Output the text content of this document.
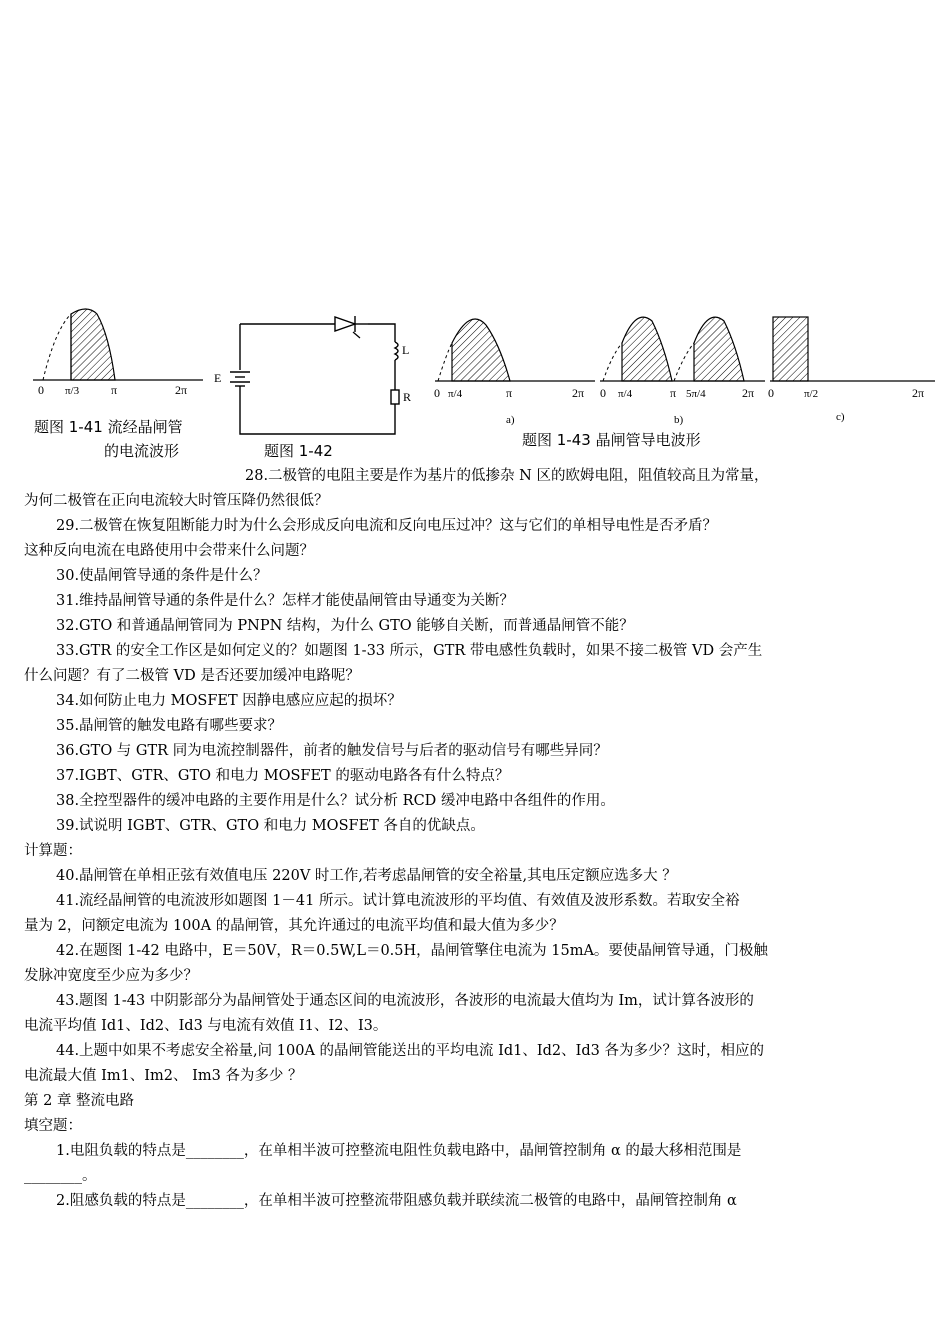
0 π/3	π	2π
题图 1-41 流经晶闸管
的电流波形
E
L
R
题图 1-42
0 π/4	π	2π
a)
0 π/4	π 5π/4	2π
b)
0	π/2	2π
c)
题图 1-43 晶闸管导电波形
28.二极管的电阻主要是作为基片的低掺杂 N 区的欧姆电阻，阻值较高且为常量，
为何二极管在正向电流较大时管压降仍然很低？
29.二极管在恢复阻断能力时为什么会形成反向电流和反向电压过冲？这与它们的单相导电性是否矛盾？
这种反向电流在电路使用中会带来什么问题？
30.使晶闸管导通的条件是什么？
31.维持晶闸管导通的条件是什么？怎样才能使晶闸管由导通变为关断？
32.GTO 和普通晶闸管同为 PNPN 结构，为什么 GTO 能够自关断，而普通晶闸管不能？
33.GTR 的安全工作区是如何定义的？如题图 1-33 所示，GTR 带电感性负载时，如果不接二极管 VD 会产生
什么问题？有了二极管 VD 是否还要加缓冲电路呢？
34.如何防止电力 MOSFET 因静电感应应起的损坏？
35.晶闸管的触发电路有哪些要求？
36.GTO 与 GTR 同为电流控制器件，前者的触发信号与后者的驱动信号有哪些异同？
37.IGBT、GTR、GTO 和电力 MOSFET 的驱动电路各有什么特点？
38.全控型器件的缓冲电路的主要作用是什么？试分析 RCD 缓冲电路中各组件的作用。
39.试说明 IGBT、GTR、GTO 和电力 MOSFET 各自的优缺点。
计算题：
40.晶闸管在单相正弦有效值电压 220V 时工作,若考虑晶闸管的安全裕量,其电压定额应选多大 ？
41.流经晶闸管的电流波形如题图 1－41 所示。试计算电流波形的平均值、有效值及波形系数。若取安全裕
量为 2，问额定电流为 100A 的晶闸管，其允许通过的电流平均值和最大值为多少？
42.在题图 1-42 电路中，E＝50V，R＝0.5W,L＝0.5H，晶闸管擎住电流为 15mA。要使晶闸管导通，门极触
发脉冲宽度至少应为多少？
43.题图 1-43 中阴影部分为晶闸管处于通态区间的电流波形，各波形的电流最大值均为 Im，试计算各波形的
电流平均值 Id1、Id2、Id3 与电流有效值 I1、I2、I3。
44.上题中如果不考虑安全裕量,问 100A 的晶闸管能送出的平均电流 Id1、Id2、Id3 各为多少？这时，相应的
电流最大值 Im1、Im2、 Im3 各为多少 ？
第 2 章 整流电路
填空题：
1.电阻负载的特点是________，在单相半波可控整流电阻性负载电路中，晶闸管控制角 α 的最大移相范围是
________。
2.阻感负载的特点是________，在单相半波可控整流带阻感负载并联续流二极管的电路中，晶闸管控制角 α
